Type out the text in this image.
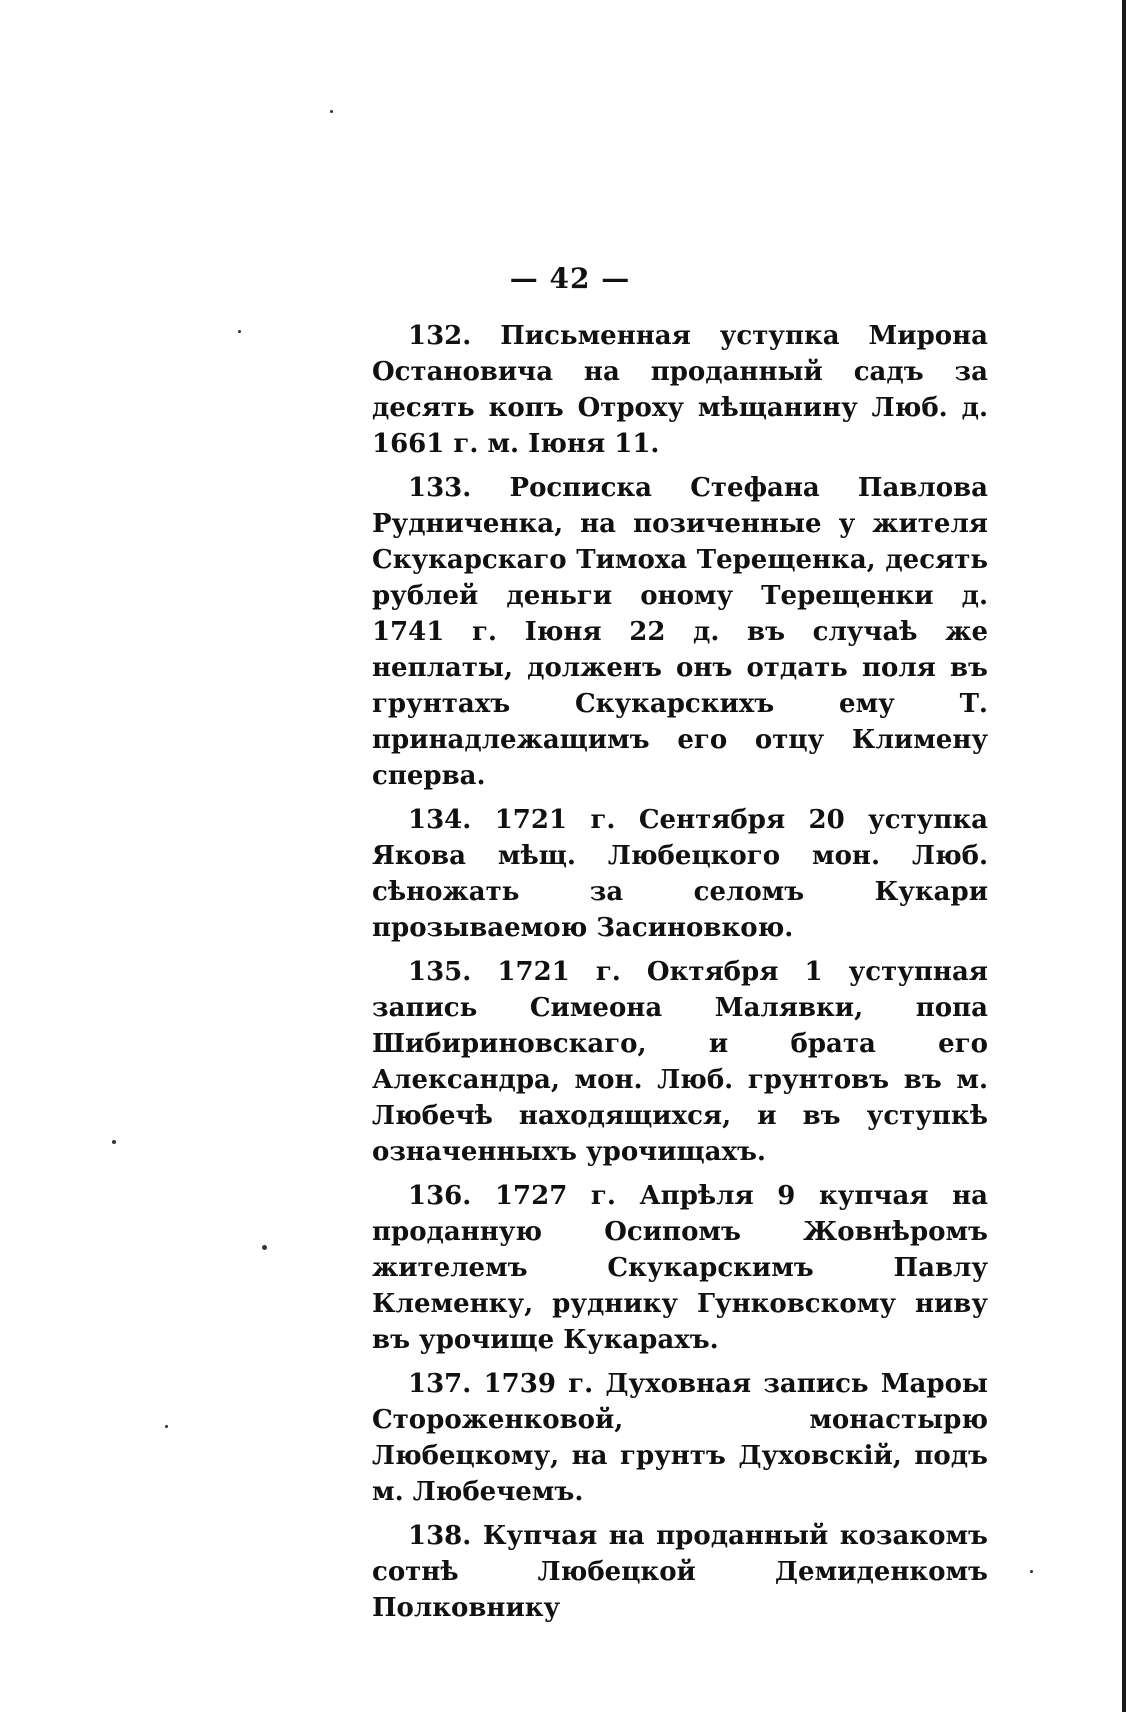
— 42 —

132. Письменная уступка Мирона Остановича на проданный садъ за десять копъ Отроху мѣщанину Люб. д. 1661 г. м. Іюня 11.

133. Росписка Стефана Павлова Рудниченка, на позиченные у жителя Скукарскаго Тимоха Терещенка, десять рублей деньги оному Терещенки д. 1741 г. Іюня 22 д. въ случаѣ же неплаты, долженъ онъ отдать поля въ грунтахъ Скукарскихъ ему Т. принадлежащимъ его отцу Климену сперва.

134. 1721 г. Сентября 20 уступка Якова мѣщ. Любецкого мон. Люб. сѣножать за селомъ Кукари прозываемою Засиновкою.

135. 1721 г. Октября 1 уступная запись Симеона Малявки, попа Шибириновскаго, и брата его Александра, мон. Люб. грунтовъ въ м. Любечѣ находящихся, и въ уступкѣ означенныхъ урочищахъ.

136. 1727 г. Апрѣля 9 купчая на проданную Осипомъ Жовнѣромъ жителемъ Скукарскимъ Павлу Клеменку, руднику Гунковскому ниву въ урочище Кукарахъ.

137. 1739 г. Духовная запись Мароы Стороженковой, монастырю Любецкому, на грунтъ Духовскій, подъ м. Любечемъ.

138. Купчая на проданный козакомъ сотнѣ Любецкой Демиденкомъ Полковнику
